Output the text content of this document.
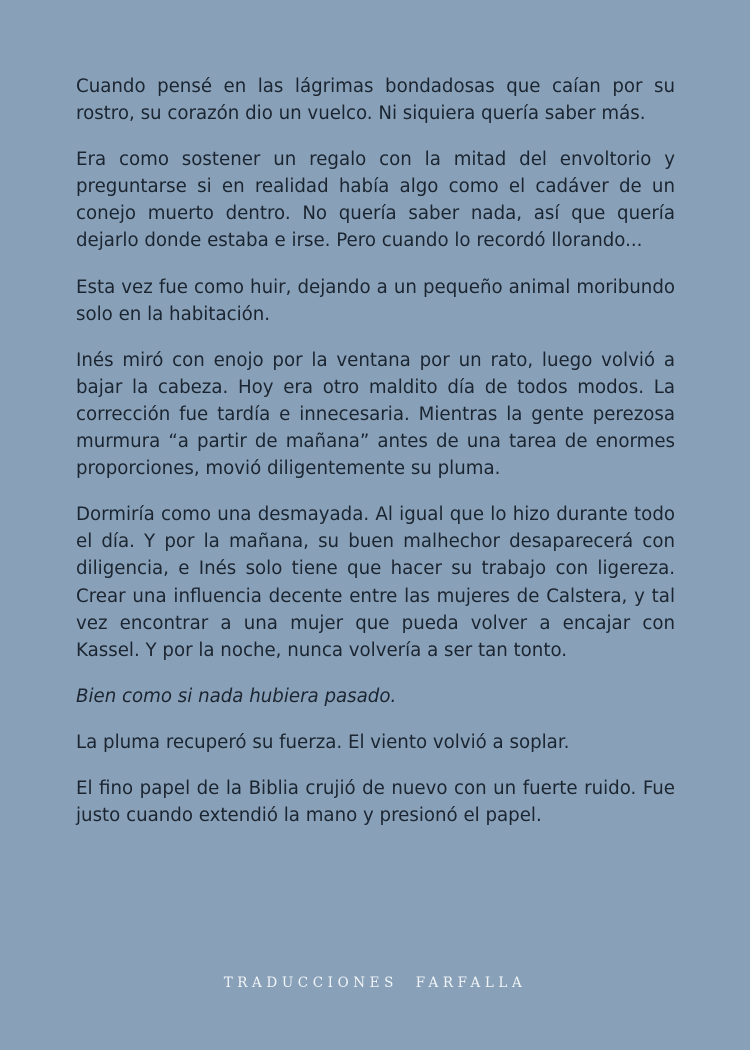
Cuando pensé en las lágrimas bondadosas que caían por su rostro, su corazón dio un vuelco. Ni siquiera quería saber más.

Era como sostener un regalo con la mitad del envoltorio y preguntarse si en realidad había algo como el cadáver de un conejo muerto dentro. No quería saber nada, así que quería dejarlo donde estaba e irse. Pero cuando lo recordó llorando...

Esta vez fue como huir, dejando a un pequeño animal moribundo solo en la habitación.

Inés miró con enojo por la ventana por un rato, luego volvió a bajar la cabeza. Hoy era otro maldito día de todos modos. La corrección fue tardía e innecesaria. Mientras la gente perezosa murmura “a partir de mañana” antes de una tarea de enormes proporciones, movió diligentemente su pluma.

Dormiría como una desmayada. Al igual que lo hizo durante todo el día. Y por la mañana, su buen malhechor desaparecerá con diligencia, e Inés solo tiene que hacer su trabajo con ligereza. Crear una influencia decente entre las mujeres de Calstera, y tal vez encontrar a una mujer que pueda volver a encajar con Kassel. Y por la noche, nunca volvería a ser tan tonto.

Bien como si nada hubiera pasado.

La pluma recuperó su fuerza. El viento volvió a soplar.

El fino papel de la Biblia crujió de nuevo con un fuerte ruido. Fue justo cuando extendió la mano y presionó el papel.

TRADUCCIONES  FARFALLA
